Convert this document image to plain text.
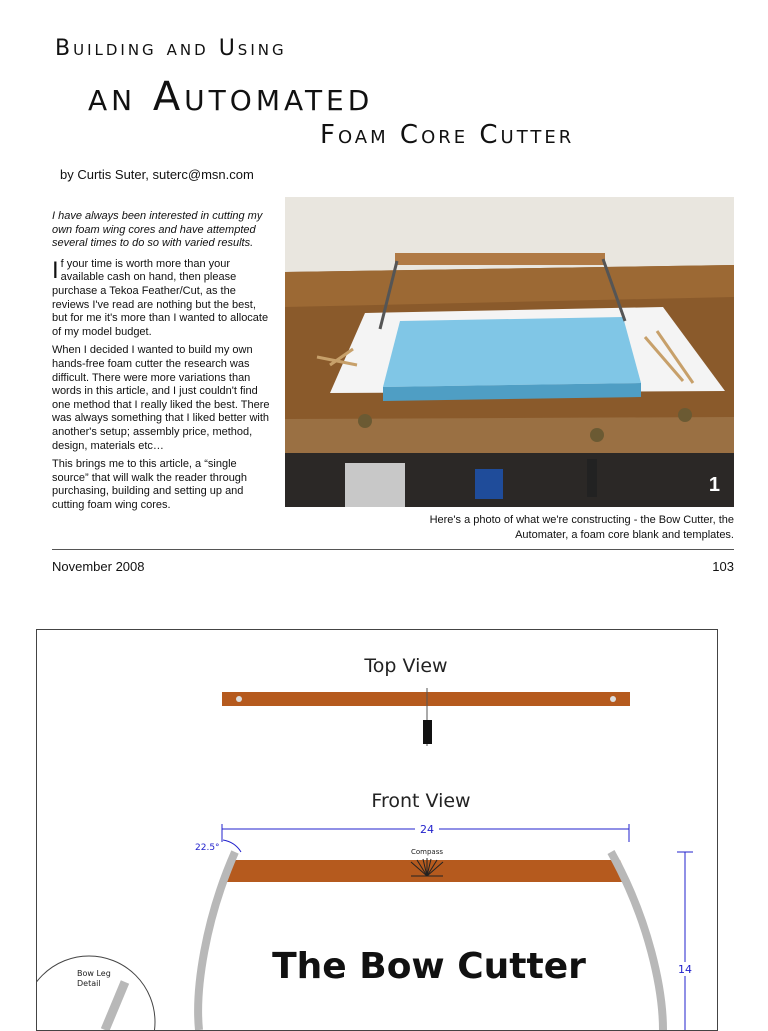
Building and Using
an Automated
Foam Core Cutter
by Curtis Suter, suterc@msn.com

I have always been interested in cutting my own foam wing cores and have attempted several times to do so with varied results.

If your time is worth more than your available cash on hand, then please purchase a Tekoa Feather/Cut, as the reviews I've read are nothing but the best, but for me it's more than I wanted to allocate of my model budget.

When I decided I wanted to build my own hands-free foam cutter the research was difficult. There were more variations than words in this article, and I just couldn't find one method that I really liked the best. There was always something that I liked better with another's setup; assembly price, method, design, materials etc…

This brings me to this article, a “single source” that will walk the reader through purchasing, building and setting up and cutting foam wing cores.

1
Here's a photo of what we're constructing - the Bow Cutter, the Automater, a foam core blank and templates.
November 2008	103
Top View
Front View
24
22.5°	Compass
14
The Bow Cutter
Bow Leg
Detail
